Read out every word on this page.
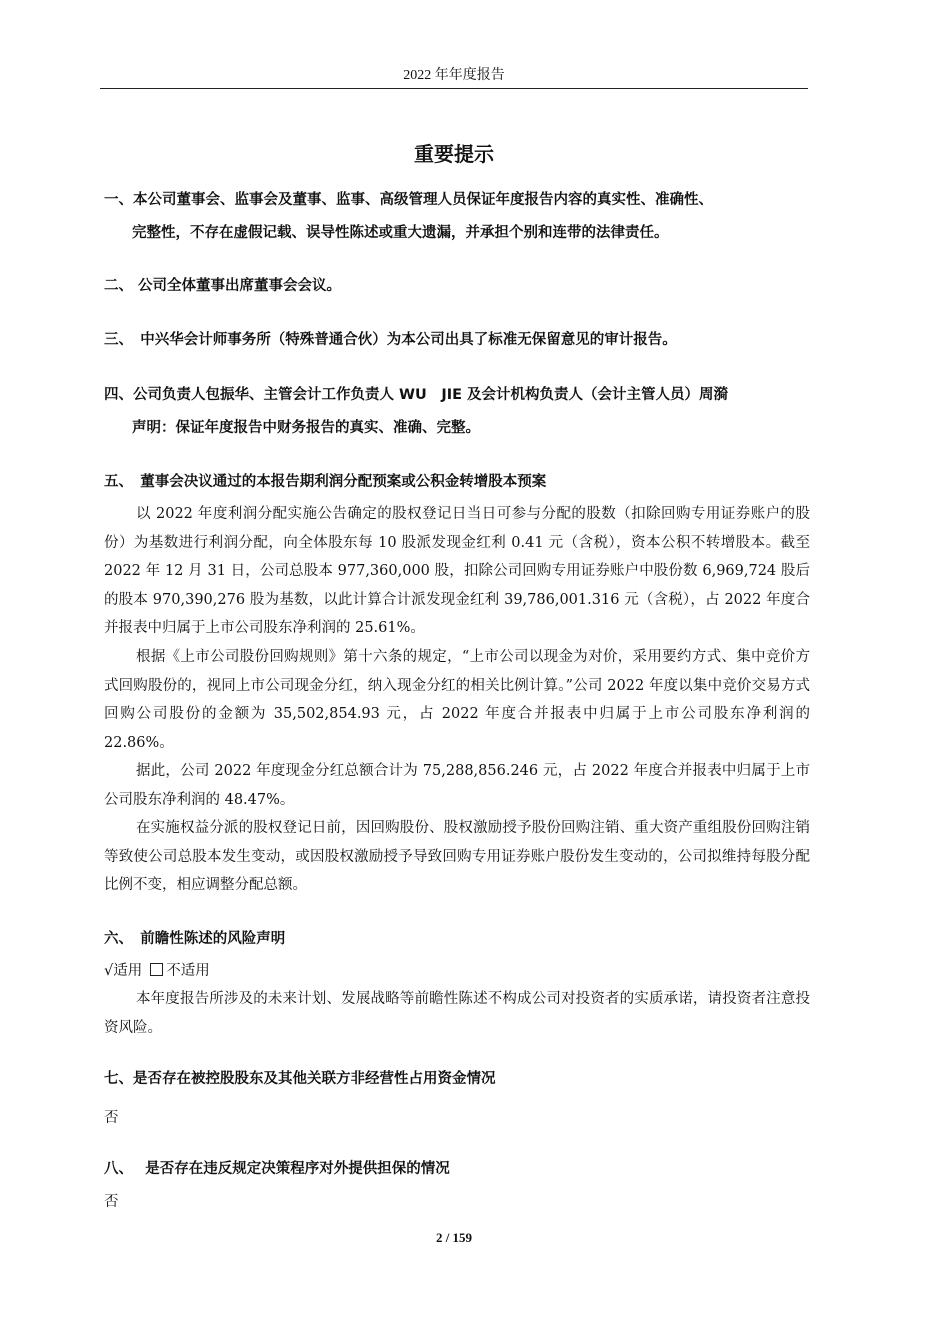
2022 年年度报告
重要提示
一、本公司董事会、监事会及董事、监事、高级管理人员保证年度报告内容的真实性、准确性、
完整性，不存在虚假记载、误导性陈述或重大遗漏，并承担个别和连带的法律责任。
二、 公司全体董事出席董事会会议。
三、　中兴华会计师事务所（特殊普通合伙）为本公司出具了标准无保留意见的审计报告。
四、公司负责人包振华、主管会计工作负责人 WU　JIE 及会计机构负责人（会计主管人员）周漪
声明：保证年度报告中财务报告的真实、准确、完整。
五、　董事会决议通过的本报告期利润分配预案或公积金转增股本预案
以 2022 年度利润分配实施公告确定的股权登记日当日可参与分配的股数（扣除回购专用证券账户的股份）为基数进行利润分配，向全体股东每 10 股派发现金红利 0.41 元（含税），资本公积不转增股本。截至 2022 年 12 月 31 日，公司总股本 977,360,000 股，扣除公司回购专用证券账户中股份数 6,969,724 股后的股本 970,390,276 股为基数，以此计算合计派发现金红利 39,786,001.316 元（含税），占 2022 年度合并报表中归属于上市公司股东净利润的 25.61%。
根据《上市公司股份回购规则》第十六条的规定，“上市公司以现金为对价，采用要约方式、集中竞价方式回购股份的，视同上市公司现金分红，纳入现金分红的相关比例计算。”公司 2022 年度以集中竞价交易方式回购公司股份的金额为 35,502,854.93 元，占 2022 年度合并报表中归属于上市公司股东净利润的 22.86%。
据此，公司 2022 年度现金分红总额合计为 75,288,856.246 元，占 2022 年度合并报表中归属于上市公司股东净利润的 48.47%。
在实施权益分派的股权登记日前，因回购股份、股权激励授予股份回购注销、重大资产重组股份回购注销等致使公司总股本发生变动，或因股权激励授予导致回购专用证券账户股份发生变动的，公司拟维持每股分配比例不变，相应调整分配总额。
六、　前瞻性陈述的风险声明
√适用 不适用
本年度报告所涉及的未来计划、发展战略等前瞻性陈述不构成公司对投资者的实质承诺，请投资者注意投资风险。
七、是否存在被控股股东及其他关联方非经营性占用资金情况
否
八、　 是否存在违反规定决策程序对外提供担保的情况
否
2 / 159
